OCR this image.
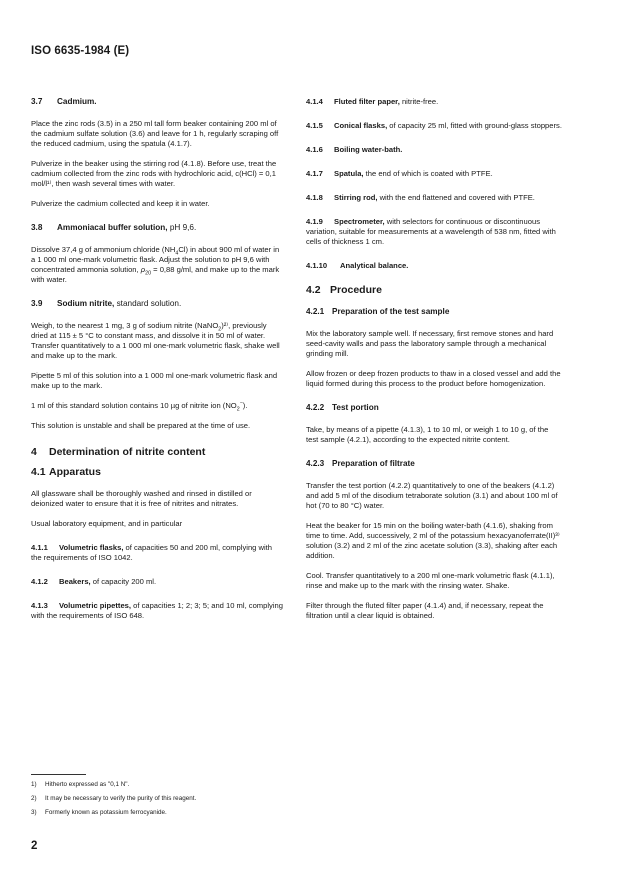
ISO 6635-1984 (E)
3.7 Cadmium.

Place the zinc rods (3.5) in a 250 ml tall form beaker containing 200 ml of the cadmium sulfate solution (3.6) and leave for 1 h, regularly scraping off the reduced cadmium, using the spatula (4.1.7).

Pulverize in the beaker using the stirring rod (4.1.8). Before use, treat the cadmium collected from the zinc rods with hydrochloric acid, c(HCl) = 0,1 mol/l¹⁾, then wash several times with water.

Pulverize the cadmium collected and keep it in water.

3.8 Ammoniacal buffer solution, pH 9,6.

Dissolve 37,4 g of ammonium chloride $(NH_4Cl)$ in about 900 ml of water in a 1 000 ml one-mark volumetric flask. Adjust the solution to pH 9,6 with concentrated ammonia solution, $\rho_{20} = 0,88$ g/ml, and make up to the mark with water.

3.9 Sodium nitrite, standard solution.

Weigh, to the nearest 1 mg, 3 g of sodium nitrite (NaNO$_2$)²⁾, previously dried at 115 ± 5 °C to constant mass, and dissolve it in 50 ml of water. Transfer quantitatively to a 1 000 ml one-mark volumetric flask, shake well and make up to the mark.

Pipette 5 ml of this solution into a 1 000 ml one-mark volumetric flask and make up to the mark.

1 ml of this standard solution contains 10 µg of nitrite ion $(NO_2^-)$.

This solution is unstable and shall be prepared at the time of use.

4 Determination of nitrite content
4.1 Apparatus

All glassware shall be thoroughly washed and rinsed in distilled or deionized water to ensure that it is free of nitrites and nitrates.

Usual laboratory equipment, and in particular

4.1.1 Volumetric flasks, of capacities 50 and 200 ml, complying with the requirements of ISO 1042.

4.1.2 Beakers, of capacity 200 ml.

4.1.3 Volumetric pipettes, of capacities 1; 2; 3; 5; and 10 ml, complying with the requirements of ISO 648.

4.1.4 Fluted filter paper, nitrite-free.

4.1.5 Conical flasks, of capacity 25 ml, fitted with ground-glass stoppers.

4.1.6 Boiling water-bath.

4.1.7 Spatula, the end of which is coated with PTFE.

4.1.8 Stirring rod, with the end flattened and covered with PTFE.

4.1.9 Spectrometer, with selectors for continuous or discontinuous variation, suitable for measurements at a wavelength of 538 nm, fitted with cells of thickness 1 cm.

4.1.10 Analytical balance.

4.2 Procedure
4.2.1 Preparation of the test sample

Mix the laboratory sample well. If necessary, first remove stones and hard seed-cavity walls and pass the laboratory sample through a mechanical grinding mill.

Allow frozen or deep frozen products to thaw in a closed vessel and add the liquid formed during this process to the product before homogenization.

4.2.2 Test portion

Take, by means of a pipette (4.1.3), 1 to 10 ml, or weigh 1 to 10 g, of the test sample (4.2.1), according to the expected nitrite content.

4.2.3 Preparation of filtrate

Transfer the test portion (4.2.2) quantitatively to one of the beakers (4.1.2) and add 5 ml of the disodium tetraborate solution (3.1) and about 100 ml of hot (70 to 80 °C) water.

Heat the beaker for 15 min on the boiling water-bath (4.1.6), shaking from time to time. Add, successively, 2 ml of the potassium hexacyanoferrate(II)³⁾ solution (3.2) and 2 ml of the zinc acetate solution (3.3), shaking after each addition.

Cool. Transfer quantitatively to a 200 ml one-mark volumetric flask (4.1.1), rinse and make up to the mark with the rinsing water. Shake.

Filter through the fluted filter paper (4.1.4) and, if necessary, repeat the filtration until a clear liquid is obtained.

1) Hitherto expressed as "0,1 N".
2) It may be necessary to verify the purity of this reagent.
3) Formerly known as potassium ferrocyanide.
2
